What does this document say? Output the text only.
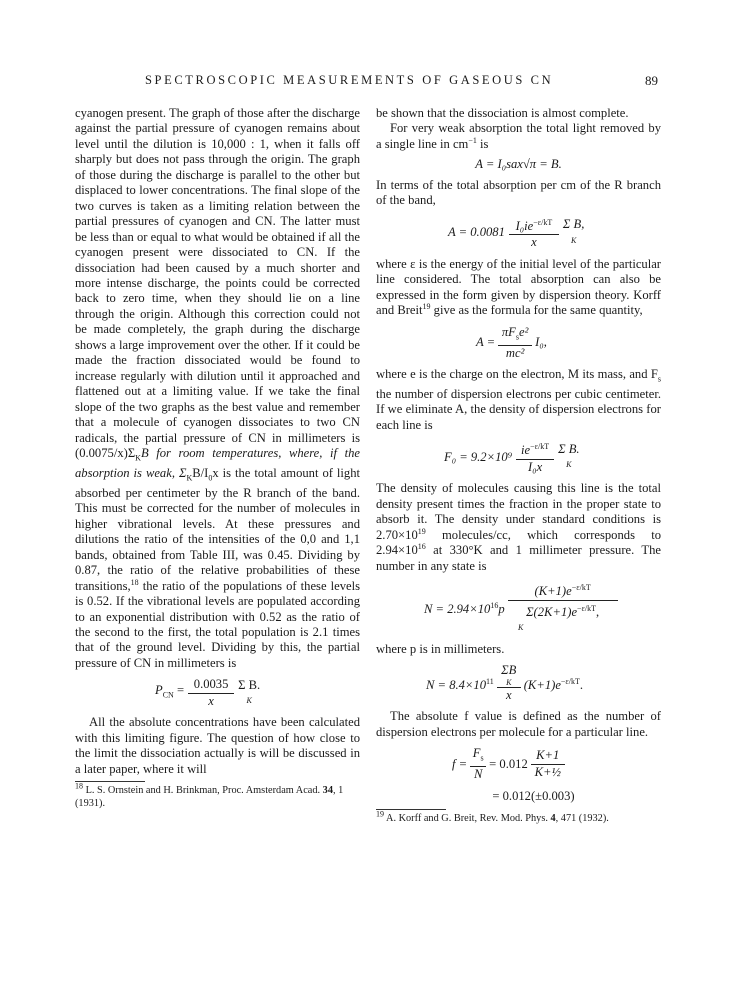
SPECTROSCOPIC MEASUREMENTS OF GASEOUS CN	89

cyanogen present. The graph of those after the discharge against the partial pressure of cyanogen remains about level until the dilution is 10,000 : 1, when it falls off sharply but does not pass through the origin. The graph of those during the discharge is parallel to the other but displaced to lower concentrations. The final slope of the two curves is taken as a limiting relation between the partial pressures of cyanogen and CN. The latter must be less than or equal to what would be obtained if all the cyanogen present were dissociated to CN. If the dissociation had been caused by a much shorter and more intense discharge, the points could be corrected back to zero time, when they should lie on a line through the origin. Although this correction could not be made completely, the graph during the discharge shows a large improvement over the other. If it could be made the fraction dissociated would be found to increase regularly with dilution until it approached and flattened out at a limiting value. If we take the final slope of the two graphs as the best value and remember that a molecule of cyanogen dissociates to two CN radicals, the partial pressure of CN in millimeters is $(0.0075/x)\Sigma_KB$ for room temperatures, where, if the absorption is weak, $\Sigma_KB/I_0x$ is the total amount of light absorbed per centimeter by the R branch of the band. This must be corrected for the number of molecules in higher vibrational levels. At these pressures and dilutions the ratio of the intensities of the 0,0 and 1,1 bands, obtained from Table III, was 0.45. Dividing by 0.87, the ratio of the relative probabilities of these transitions,$^{18}$ the ratio of the populations of these levels is 0.52. If the vibrational levels are populated according to an exponential distribution with 0.52 as the ratio of the second to the first, the total population is 2.1 times that of the ground level. Dividing by this, the partial pressure of CN in millimeters is

$P_{CN} = 0.0035$
x
Σ B.
K

All the absolute concentrations have been calculated with this limiting figure. The question of how close to the limit the dissociation actually is will be discussed in a later paper, where it will

$^{18}$ L. S. Ornstein and H. Brinkman, Proc. Amsterdam Acad. 34, 1 (1931).

be shown that the dissociation is almost complete.

For very weak absorption the total light removed by a single line in $cm^{-1}$ is

A = I₀sax√π = B.

In terms of the total absorption per cm of the R branch of the band,

A = 0.0081 $I_0ie^{-\varepsilon/kT}$
x
Σ B,
K

where ε is the energy of the initial level of the particular line considered. The total absorption can also be expressed in the form given by dispersion theory. Korff and Breit$^{19}$ give as the formula for the same quantity,

A =
$\pi F_se^2$
mc²
I₀,

where e is the charge on the electron, M its mass, and $F_s$ the number of dispersion electrons per cubic centimeter. If we eliminate A, the density of dispersion electrons for each line is

F₀ = 9.2×10⁹ $ie^{-\varepsilon/kT}$
I₀x
Σ B.
K

The density of molecules causing this line is the total density present times the fraction in the proper state to absorb it. The density under standard conditions is $2.70\times 10^{19}$ molecules/cc, which corresponds to $2.94\times 10^{16}$ at 330°K and 1 millimeter pressure. The number in any state is

$N = 2.94\times 10^{16}p$
$(K+1)e^{-\varepsilon/kT}$
$\Sigma(2K+1)e^{-\varepsilon/kT}$,
K

where p is in millimeters.

$N = 8.4\times 10^{11}$
ΣB
K
x
$(K+1)e^{-\varepsilon/kT}$.

The absolute f value is defined as the number of dispersion electrons per molecule for a particular line.

f =
$F_s$
N
= 0.012
K+1
K+½
= 0.012(±0.003)
$^{19}$ A. Korff and G. Breit, Rev. Mod. Phys. 4, 471 (1932).
